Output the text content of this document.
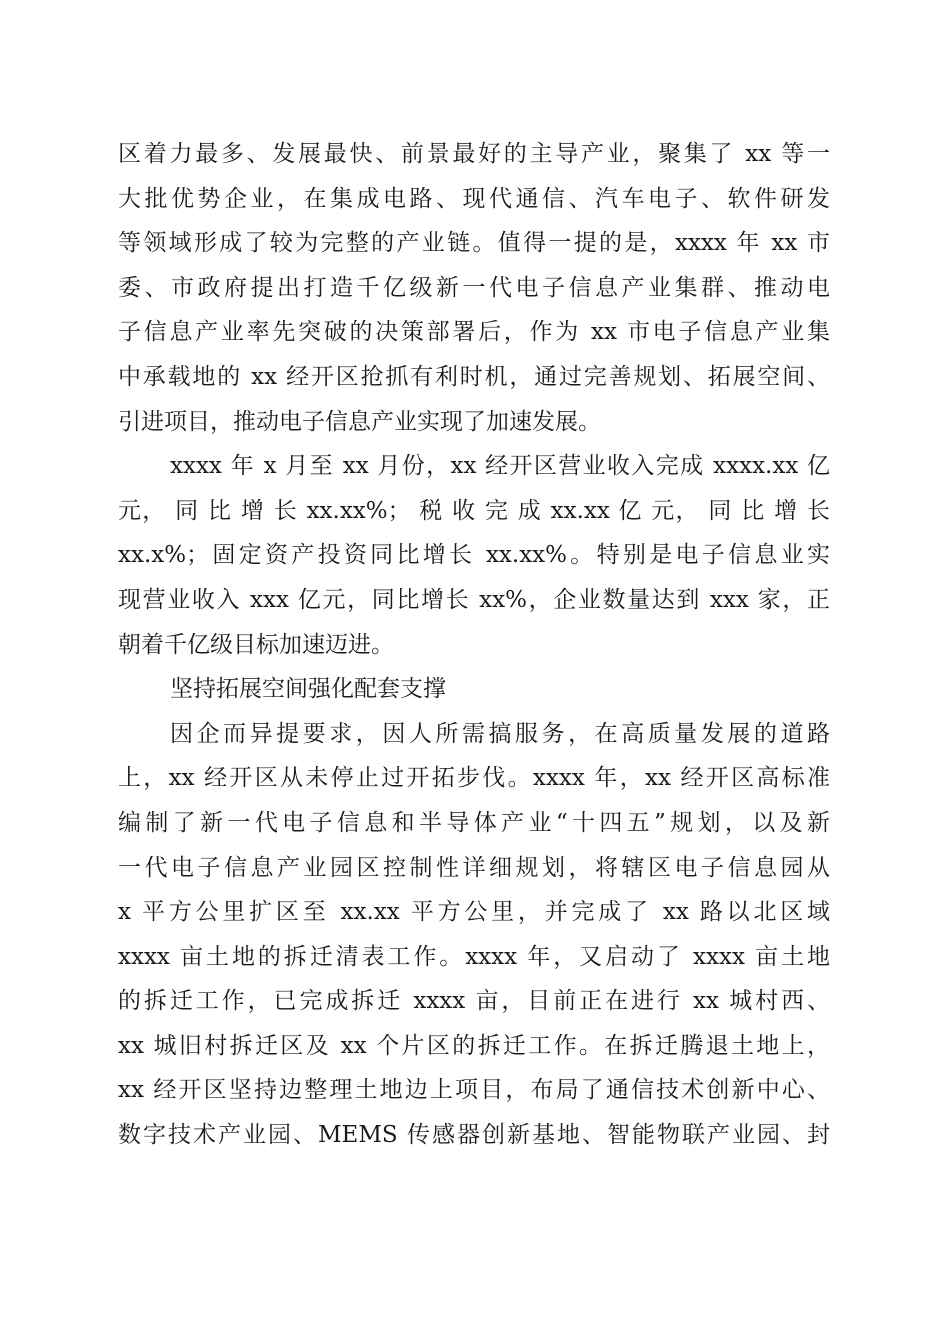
区着力最多、发展最快、前景最好的主导产业，聚集了 xx 等一
大批优势企业，在集成电路、现代通信、汽车电子、软件研发
等领域形成了较为完整的产业链。值得一提的是，xxxx 年 xx 市
委、市政府提出打造千亿级新一代电子信息产业集群、推动电
子信息产业率先突破的决策部署后，作为 xx 市电子信息产业集
中承载地的 xx 经开区抢抓有利时机，通过完善规划、拓展空间、
引进项目，推动电子信息产业实现了加速发展。
xxxx 年 x 月至 xx 月份，xx 经开区营业收入完成 xxxx.xx 亿
元， 同 比 增 长 xx.xx%； 税 收 完 成 xx.xx 亿 元， 同 比 增 长
xx.x%；固定资产投资同比增长 xx.xx%。特别是电子信息业实
现营业收入 xxx 亿元，同比增长 xx%，企业数量达到 xxx 家，正
朝着千亿级目标加速迈进。
坚持拓展空间强化配套支撑
因企而异提要求，因人所需搞服务，在高质量发展的道路
上，xx 经开区从未停止过开拓步伐。xxxx 年，xx 经开区高标准
编制了新一代电子信息和半导体产业“十四五”规划，以及新
一代电子信息产业园区控制性详细规划，将辖区电子信息园从
x 平方公里扩区至 xx.xx 平方公里，并完成了 xx 路以北区域
xxxx 亩土地的拆迁清表工作。xxxx 年，又启动了 xxxx 亩土地
的拆迁工作，已完成拆迁 xxxx 亩，目前正在进行 xx 城村西、
xx 城旧村拆迁区及 xx 个片区的拆迁工作。在拆迁腾退土地上，
xx 经开区坚持边整理土地边上项目，布局了通信技术创新中心、
数字技术产业园、MEMS 传感器创新基地、智能物联产业园、封
